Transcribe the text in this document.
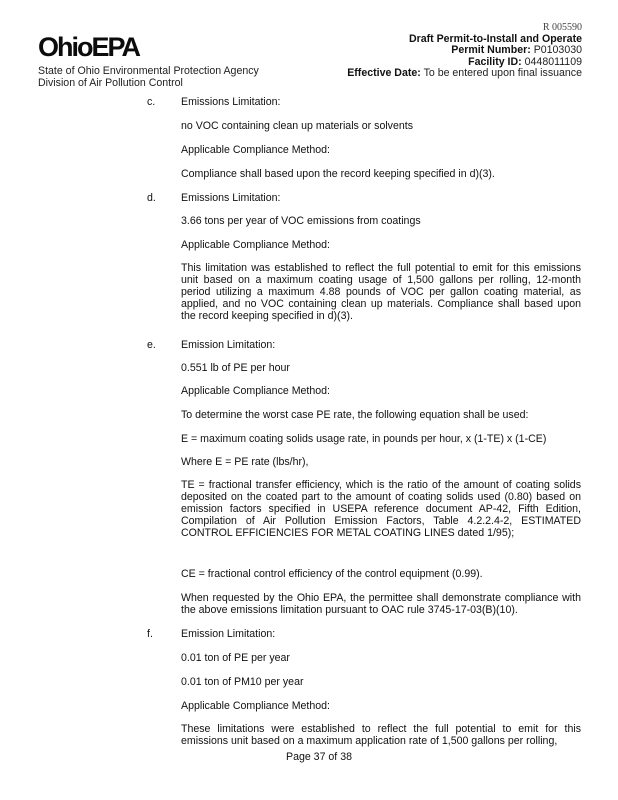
OhioEPA
State of Ohio Environmental Protection Agency
Division of Air Pollution Control
R 005590
Draft Permit-to-Install and Operate
Permit Number: P0103030
Facility ID: 0448011109
Effective Date: To be entered upon final issuance
c. Emissions Limitation:
no VOC containing clean up materials or solvents
Applicable Compliance Method:
Compliance shall based upon the record keeping specified in d)(3).
d. Emissions Limitation:
3.66 tons per year of VOC emissions from coatings
Applicable Compliance Method:
This limitation was established to reflect the full potential to emit for this emissions unit based on a maximum coating usage of 1,500 gallons per rolling, 12-month period utilizing a maximum 4.88 pounds of VOC per gallon coating material, as applied, and no VOC containing clean up materials. Compliance shall based upon the record keeping specified in d)(3).
e. Emission Limitation:
0.551 lb of PE per hour
Applicable Compliance Method:
To determine the worst case PE rate, the following equation shall be used:
E = maximum coating solids usage rate, in pounds per hour, x (1-TE) x (1-CE)
Where E = PE rate (lbs/hr),
TE = fractional transfer efficiency, which is the ratio of the amount of coating solids deposited on the coated part to the amount of coating solids used (0.80) based on emission factors specified in USEPA reference document AP-42, Fifth Edition, Compilation of Air Pollution Emission Factors, Table 4.2.2.4-2, ESTIMATED CONTROL EFFICIENCIES FOR METAL COATING LINES dated 1/95);
CE = fractional control efficiency of the control equipment (0.99).
When requested by the Ohio EPA, the permittee shall demonstrate compliance with the above emissions limitation pursuant to OAC rule 3745-17-03(B)(10).
f.	Emission Limitation:
0.01 ton of PE per year
0.01 ton of PM10 per year
Applicable Compliance Method:
These limitations were established to reflect the full potential to emit for this emissions unit based on a maximum application rate of 1,500 gallons per rolling,
Page 37 of 38
